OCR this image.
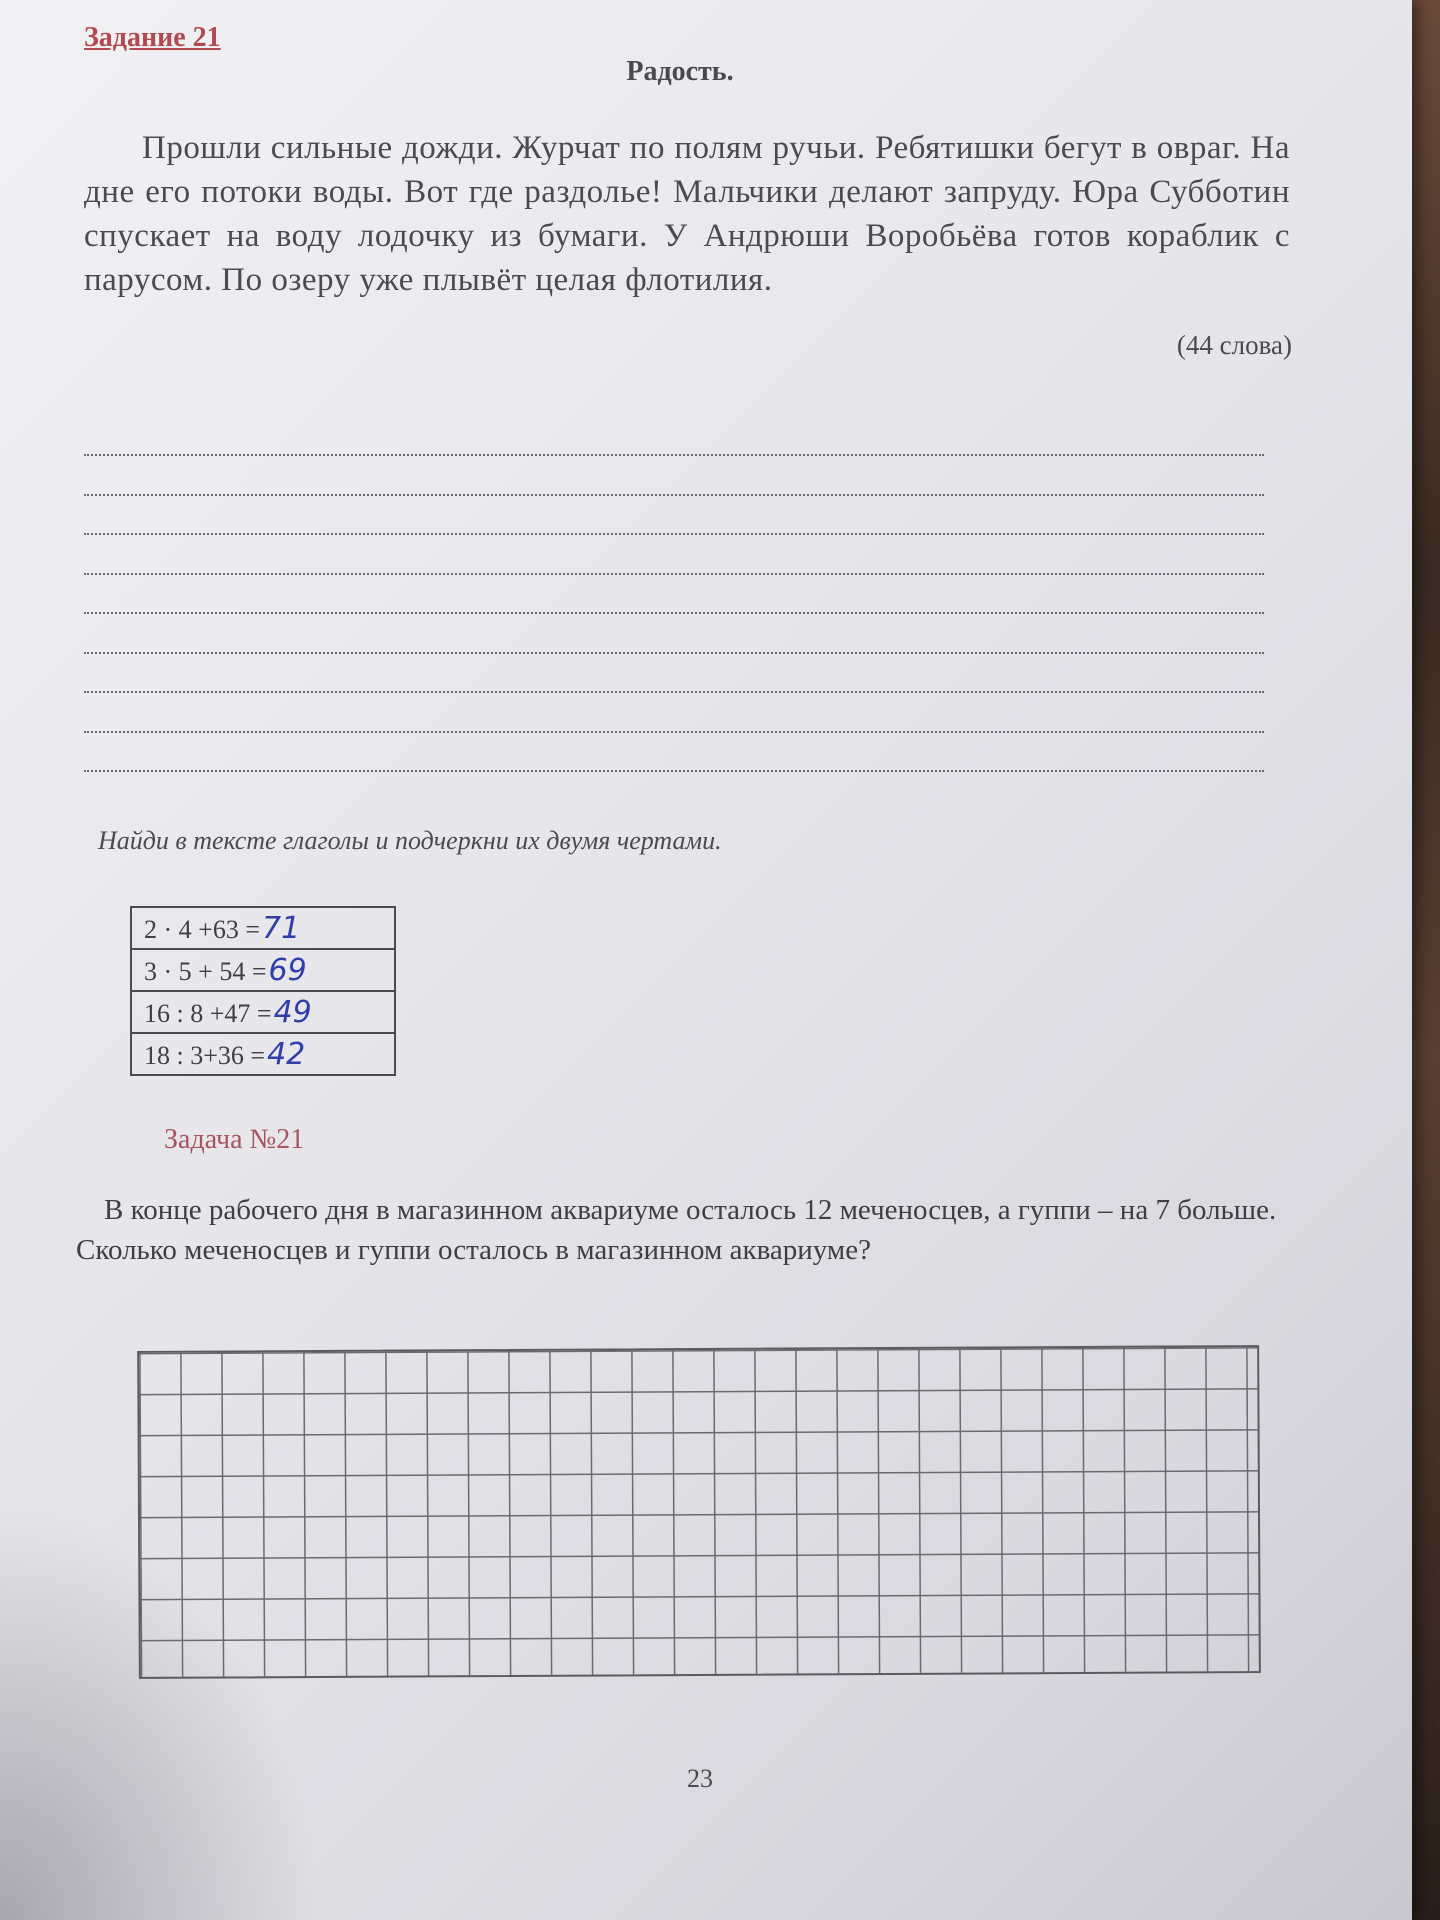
Задание 21
Радость.
Прошли сильные дожди. Журчат по полям ручьи. Ребятишки бегут в овраг. На дне его потоки воды. Вот где раздолье! Мальчики делают запруду. Юра Субботин спускает на воду лодочку из бумаги. У Андрюши Воробьёва готов кораблик с парусом. По озеру уже плывёт целая флотилия.
(44 слова)
Найди в тексте глаголы и подчеркни их двумя чертами.
2 · 4 +63 =71
3 · 5 + 54 =69
16 : 8 +47 =49
18 : 3+36 =42
Задача №21
В конце рабочего дня в магазинном аквариуме осталось 12 меченосцев, а гуппи – на 7 больше. Сколько меченосцев и гуппи осталось в магазинном аквариуме?
23
